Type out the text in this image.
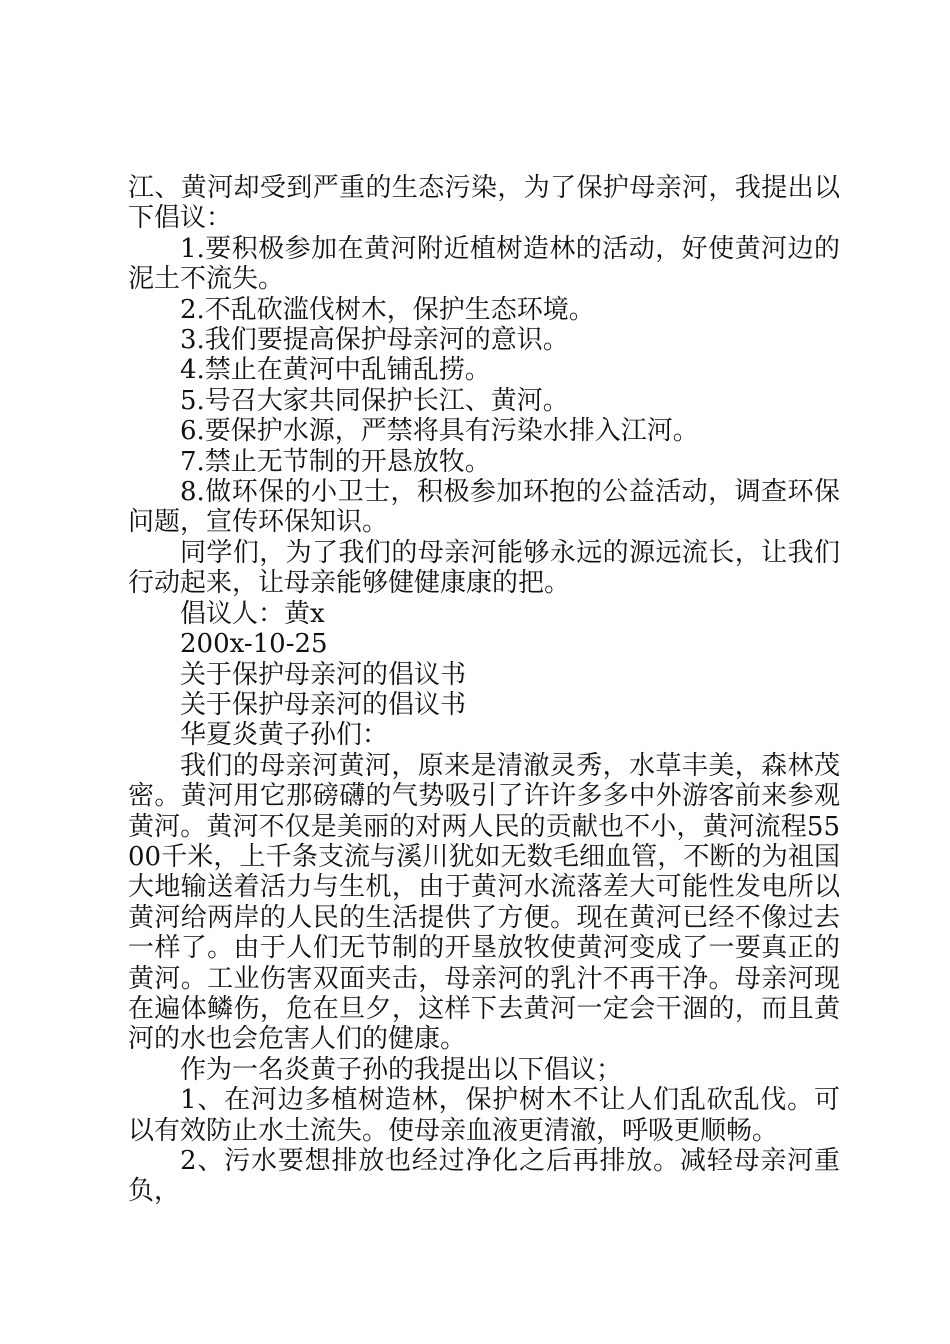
江、黄河却受到严重的生态污染，为了保护母亲河，我提出以下倡议：

1.要积极参加在黄河附近植树造林的活动，好使黄河边的泥土不流失。

2.不乱砍滥伐树木，保护生态环境。

3.我们要提高保护母亲河的意识。

4.禁止在黄河中乱铺乱捞。

5.号召大家共同保护长江、黄河。

6.要保护水源，严禁将具有污染水排入江河。

7.禁止无节制的开恳放牧。

8.做环保的小卫士，积极参加环抱的公益活动，调查环保问题，宣传环保知识。

同学们，为了我们的母亲河能够永远的源远流长，让我们行动起来，让母亲能够健健康康的把。

倡议人：黄x

200x-10-25

关于保护母亲河的倡议书

关于保护母亲河的倡议书

华夏炎黄子孙们：

我们的母亲河黄河，原来是清澈灵秀，水草丰美，森林茂密。黄河用它那磅礴的气势吸引了许许多多中外游客前来参观黄河。黄河不仅是美丽的对两人民的贡献也不小，黄河流程5500千米，上千条支流与溪川犹如无数毛细血管，不断的为祖国大地输送着活力与生机，由于黄河水流落差大可能性发电所以黄河给两岸的人民的生活提供了方便。现在黄河已经不像过去一样了。由于人们无节制的开垦放牧使黄河变成了一要真正的黄河。工业伤害双面夹击，母亲河的乳汁不再干净。母亲河现在遍体鳞伤，危在旦夕，这样下去黄河一定会干涸的，而且黄河的水也会危害人们的健康。

作为一名炎黄子孙的我提出以下倡议；

1、在河边多植树造林，保护树木不让人们乱砍乱伐。可以有效防止水土流失。使母亲血液更清澈，呼吸更顺畅。

2、污水要想排放也经过净化之后再排放。减轻母亲河重负，
